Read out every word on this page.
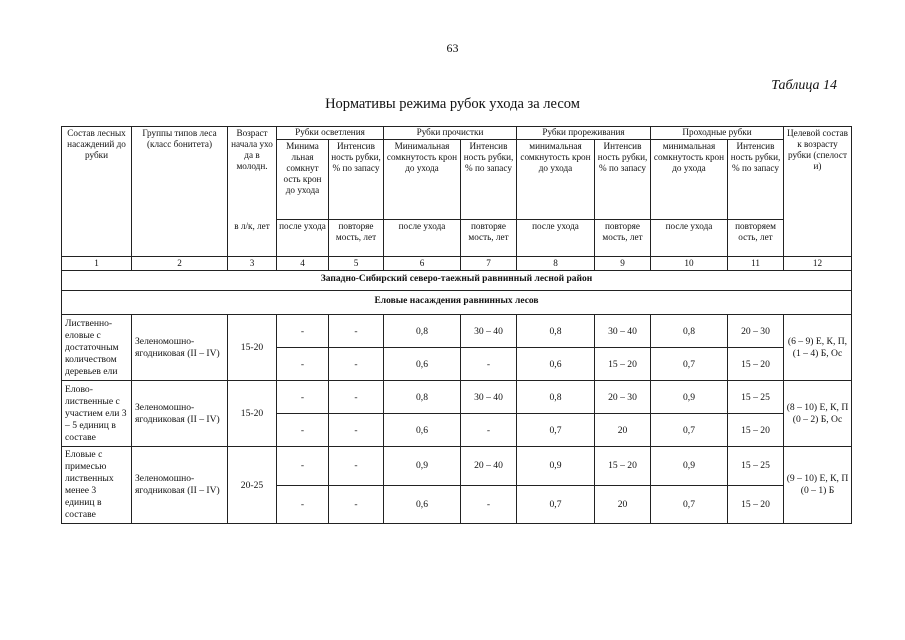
63
Таблица 14
Нормативы режима рубок ухода за лесом
Состав лесных насаждений до рубки	Группы типов леса (класс бонитета)	Возраст начала ухо да в молодн.	Рубки осветления		Рубки прочистки		Рубки прореживания		Проходные рубки		Целевой состав к возрасту рубки (спелост и)
			Минима льная сомкнут ость крон до ухода	Интенсив ность рубки, % по запасу	Минимальная сомкнутость крон до ухода	Интенсив ность рубки, % по запасу	минимальная сомкнутость крон до ухода	Интенсив ность рубки, % по запасу	минимальная сомкнутость крон до ухода	Интенсив ность рубки, % по запасу	
		в л/к, лет	после ухода	повторяе мость, лет	после ухода	повторяе мость, лет	после ухода	повторяе мость, лет	после ухода	повторяем ость, лет	
1	2	3	4	5	6	7	8	9	10	11	12
Западно-Сибирский северо-таежный равнинный лесной район											
Еловые насаждения равнинных лесов											
Лиственно-еловые с достаточным количеством деревьев ели	Зеленомошно-ягодниковая (II – IV)	15-20	-	-	0,8	30 – 40	0,8	30 – 40	0,8	20 – 30	(6 – 9) Е, К, П, (1 – 4) Б, Ос
			-	-	0,6	-	0,6	15 – 20	0,7	15 – 20	
Елово-лиственные с участием ели 3 – 5 единиц в составе	Зеленомошно-ягодниковая (II – IV)	15-20	-	-	0,8	30 – 40	0,8	20 – 30	0,9	15 – 25	(8 – 10) Е, К, П (0 – 2) Б, Ос
			-	-	0,6	-	0,7	20	0,7	15 – 20	
Еловые с примесью лиственных менее 3 единиц в составе	Зеленомошно-ягодниковая (II – IV)	20-25	-	-	0,9	20 – 40	0,9	15 – 20	0,9	15 – 25	(9 – 10) Е, К, П (0 – 1) Б
			-	-	0,6	-	0,7	20	0,7	15 – 20	
